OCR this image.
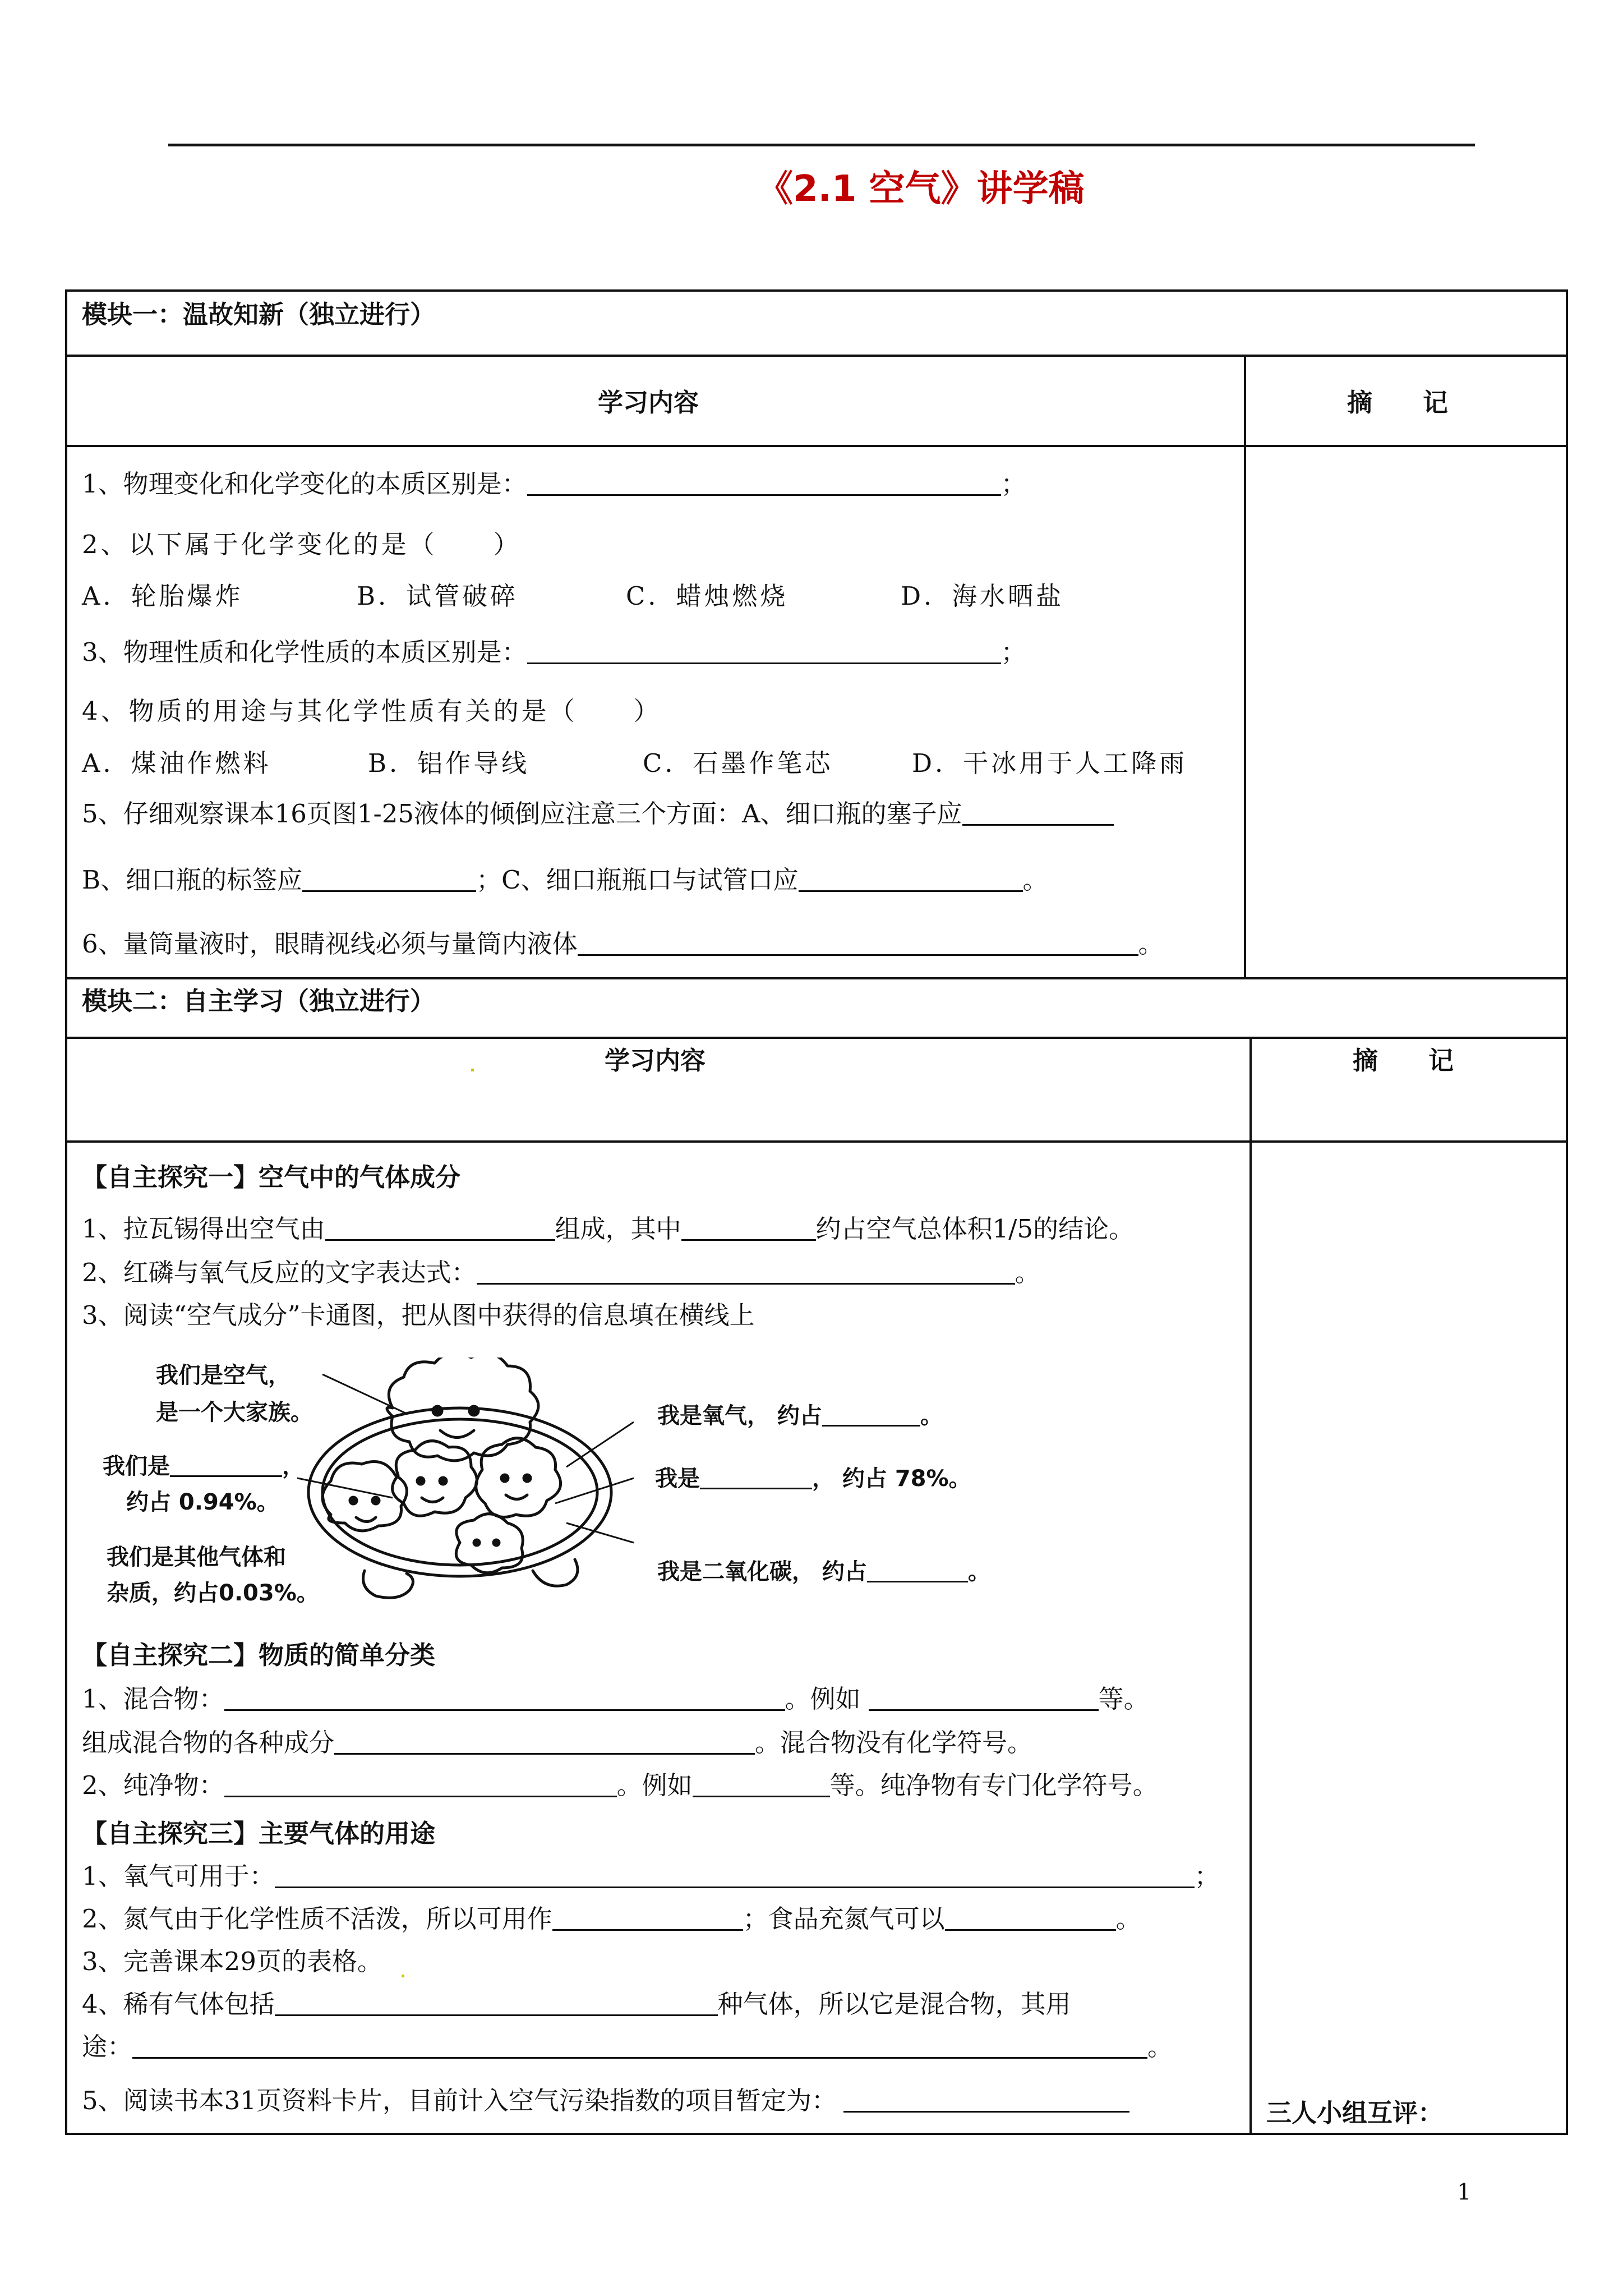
《2.1 空气》讲学稿
模块一：温故知新（独立进行）
学习内容	摘　　记
1、物理变化和化学变化的本质区别是：	；
2、以下属于化学变化的是（　　）
A．轮胎爆炸	B．试管破碎	C．蜡烛燃烧	D．海水晒盐
3、物理性质和化学性质的本质区别是：	；
4、物质的用途与其化学性质有关的是（　　）
A．煤油作燃料	B．铝作导线	C．石墨作笔芯	D．干冰用于人工降雨
5、仔细观察课本16页图1-25液体的倾倒应注意三个方面：A、细口瓶的塞子应
B、细口瓶的标签应	；C、细口瓶瓶口与试管口应	。
6、量筒量液时，眼睛视线必须与量筒内液体	。
模块二：自主学习（独立进行）
学习内容	摘　　记
【自主探究一】空气中的气体成分
1、拉瓦锡得出空气由	组成，其中	约占空气总体积1/5的结论。
2、红磷与氧气反应的文字表达式：	。
3、阅读“空气成分”卡通图，把从图中获得的信息填在横线上
我们是空气，
是一个大家族。
我们是	，
约占 0.94%。
我们是其他气体和
杂质，约占0.03%。
我是氧气， 约占	。
我是	， 约占 78%。
我是二氧化碳， 约占	。
【自主探究二】物质的简单分类
1、混合物：	。例如	等。
组成混合物的各种成分	。混合物没有化学符号。
2、纯净物：	。例如	等。纯净物有专门化学符号。
【自主探究三】主要气体的用途
1、氧气可用于：	；
2、氮气由于化学性质不活泼，所以可用作	；食品充氮气可以	。
3、完善课本29页的表格。
4、稀有气体包括	种气体，所以它是混合物，其用
途：	。
5、阅读书本31页资料卡片，目前计入空气污染指数的项目暂定为：	三人小组互评：
1
